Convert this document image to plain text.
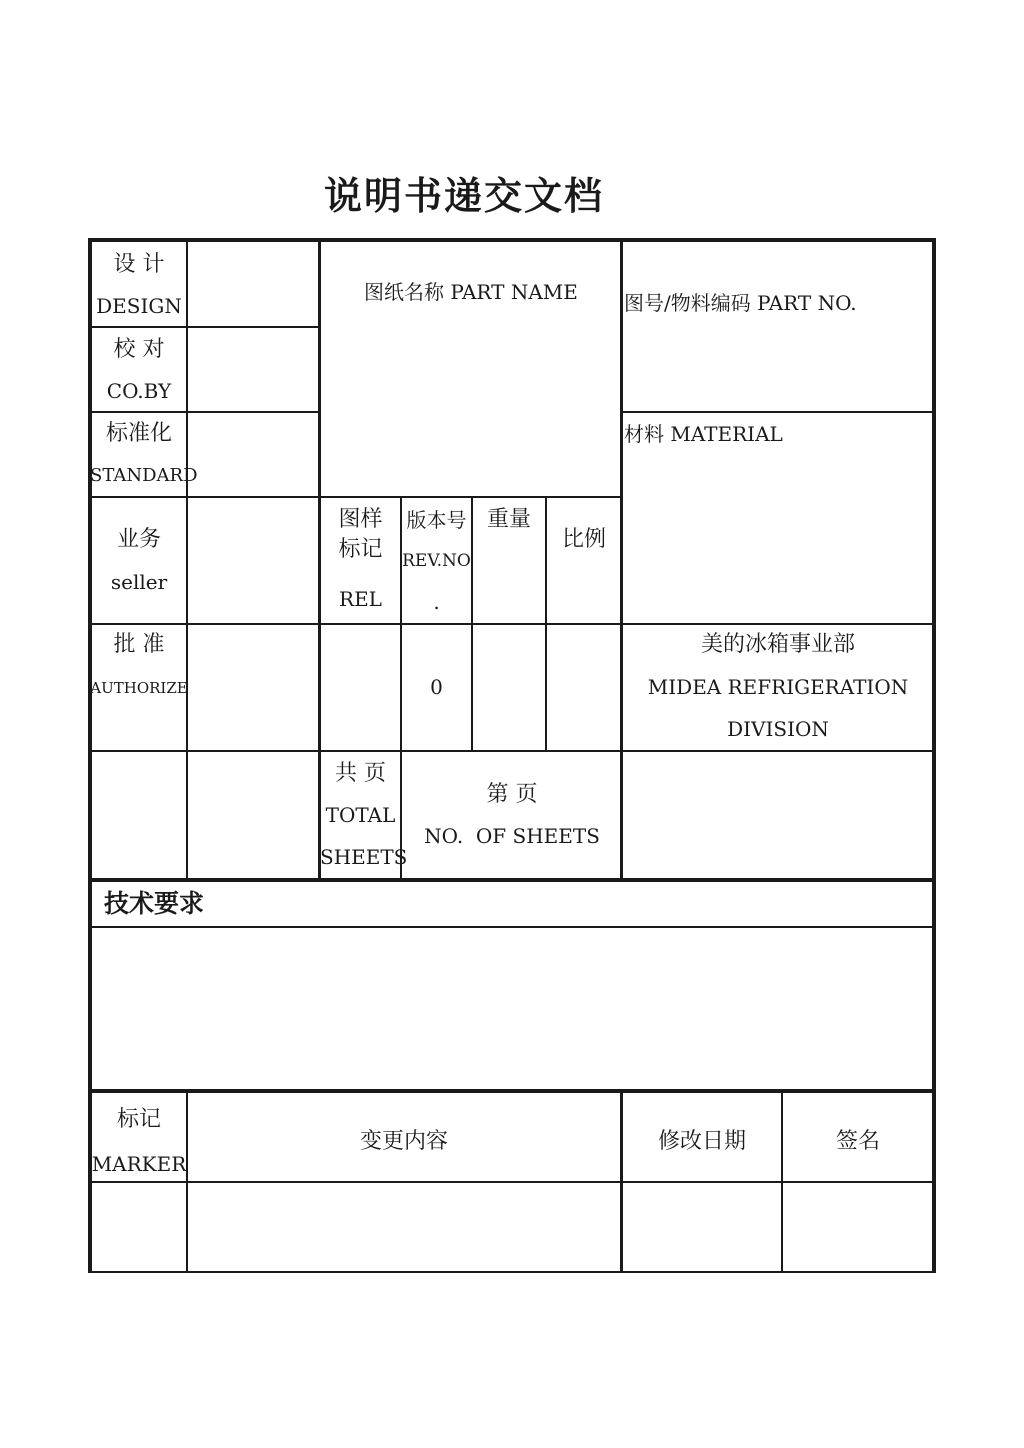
说明书递交文档
设 计
DESIGN
校 对
CO.BY
标准化
STANDARD
业务
seller
批 准
AUTHORIZE
图纸名称 PART NAME 图号/物料编码 PART NO.
材料 MATERIAL
图样
标记
REL
版本号
REV.NO
.
重量
比例
0
共 页
TOTAL
SHEETS
第 页
NO.  OF SHEETS
美的冰箱事业部
MIDEA REFRIGERATION
DIVISION
技术要求
标记
MARKER
变更内容	修改日期	签名
